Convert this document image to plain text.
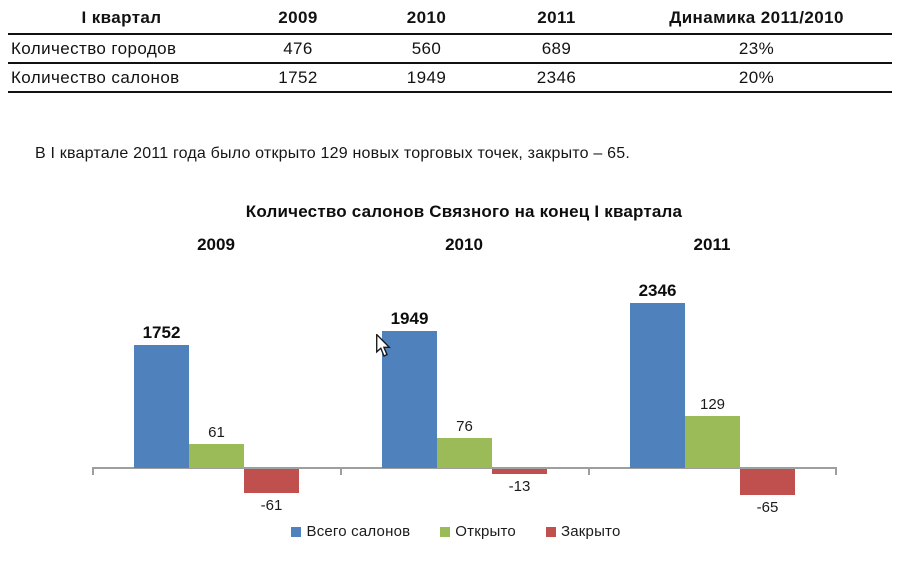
I квартал	2009	2010	2011	Динамика 2011/2010
Количество городов	476	560	689	23%
Количество салонов	1752	1949	2346	20%
В I квартале 2011 года было открыто 129 новых торговых точек, закрыто – 65.
Количество салонов Связного на конец I квартала
2009
1752
61
-61
2010
1949
76
-13
2011
2346
129
-65
Всего салонов	Открыто	Закрыто
